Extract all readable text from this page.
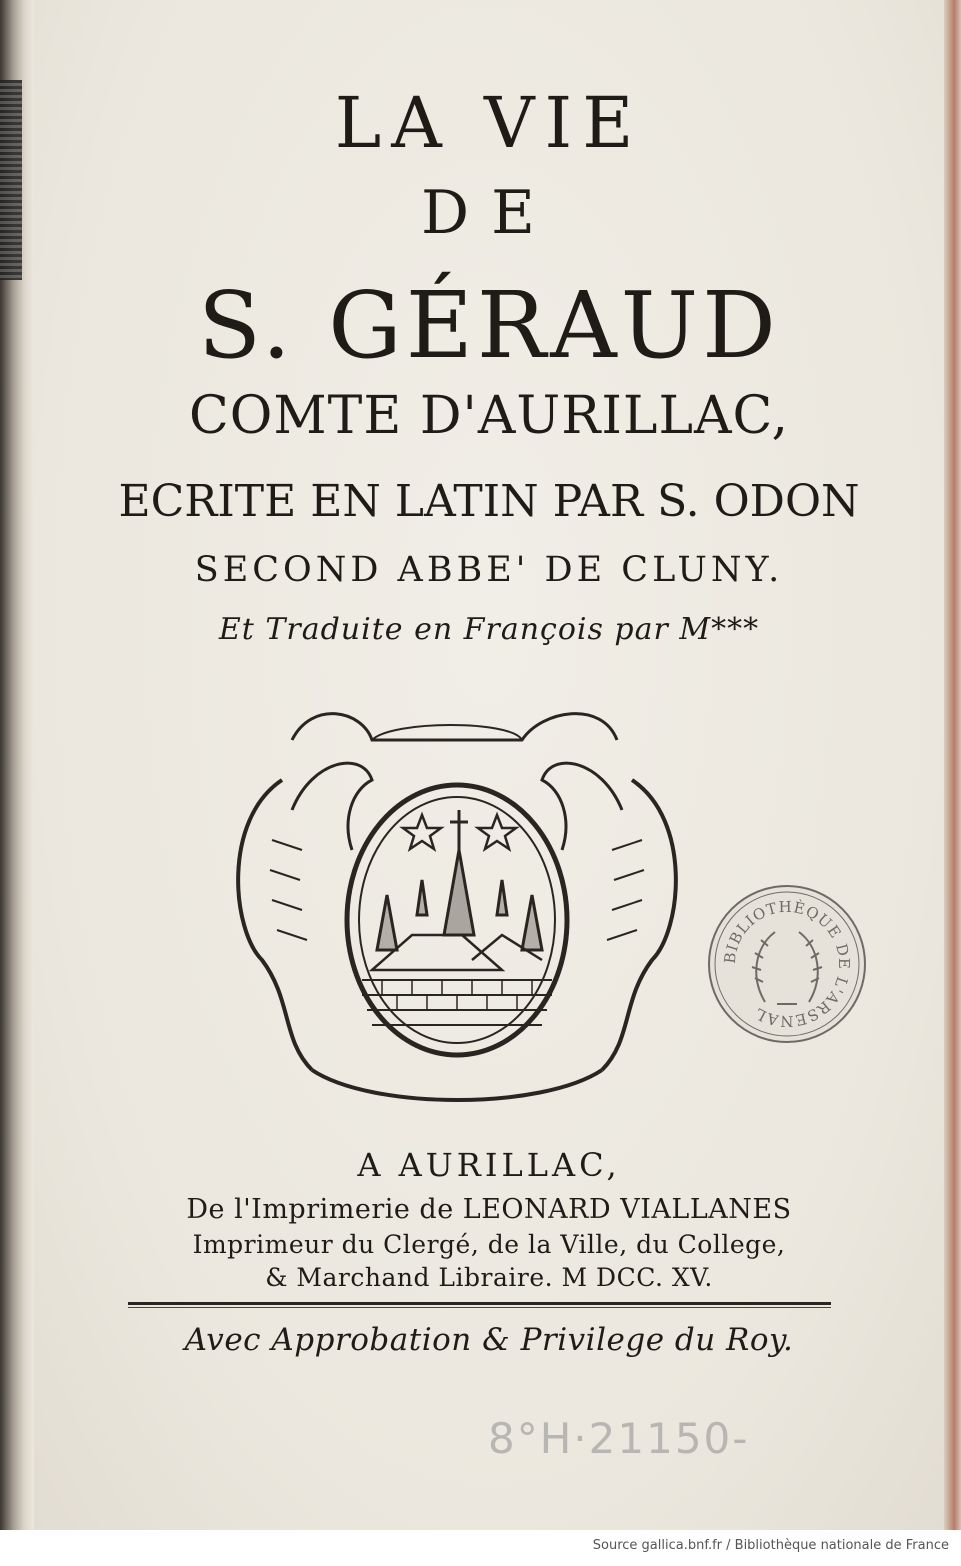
LA VIE
DE
S. GÉRAUD
COMTE D'AURILLAC,
ECRITE EN LATIN PAR S. ODON
SECOND ABBE' DE CLUNY.
Et Traduite en François par M***
BIBLIOTHÈQUE DE L'ARSENAL
A AURILLAC,
De l'Imprimerie de LEONARD VIALLANES
Imprimeur du Clergé, de la Ville, du College,
& Marchand Libraire. M DCC. XV.
Avec Approbation & Privilege du Roy.
8°H·21150-
Source gallica.bnf.fr / Bibliothèque nationale de France
